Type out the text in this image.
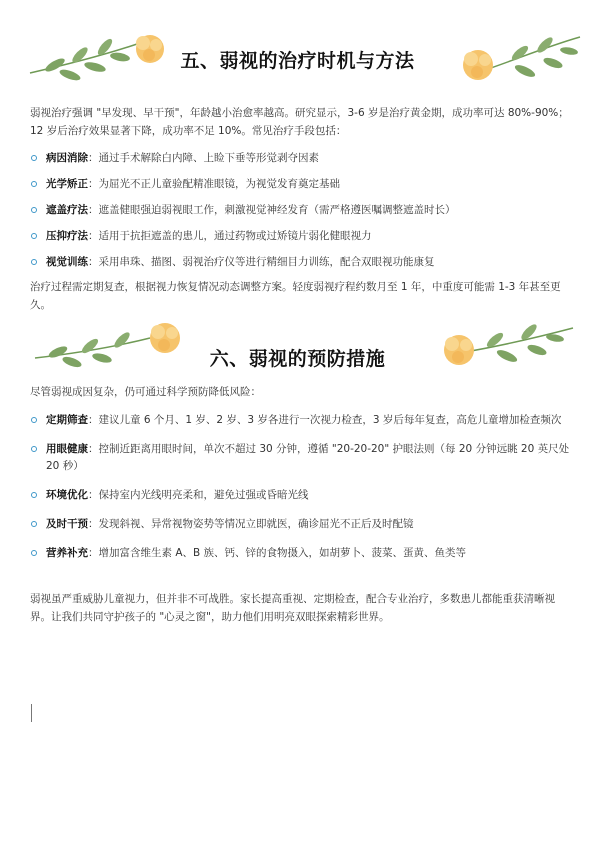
五、弱视的治疗时机与方法
弱视治疗强调 "早发现、早干预"，年龄越小治愈率越高。研究显示，3-6 岁是治疗黄金期，成功率可达 80%-90%；12 岁后治疗效果显著下降，成功率不足 10%。常见治疗手段包括：
病因消除：通过手术解除白内障、上睑下垂等形觉剥夺因素
光学矫正：为屈光不正儿童验配精准眼镜，为视觉发育奠定基础
遮盖疗法：遮盖健眼强迫弱视眼工作，刺激视觉神经发育（需严格遵医嘱调整遮盖时长）
压抑疗法：适用于抗拒遮盖的患儿，通过药物或过矫镜片弱化健眼视力
视觉训练：采用串珠、描图、弱视治疗仪等进行精细目力训练，配合双眼视功能康复
治疗过程需定期复查，根据视力恢复情况动态调整方案。轻度弱视疗程约数月至 1 年，中重度可能需 1-3 年甚至更久。
六、弱视的预防措施
尽管弱视成因复杂，仍可通过科学预防降低风险：
定期筛查：建议儿童 6 个月、1 岁、2 岁、3 岁各进行一次视力检查，3 岁后每年复查，高危儿童增加检查频次
用眼健康：控制近距离用眼时间，单次不超过 30 分钟，遵循 "20-20-20" 护眼法则（每 20 分钟远眺 20 英尺处 20 秒）
环境优化：保持室内光线明亮柔和，避免过强或昏暗光线
及时干预：发现斜视、异常视物姿势等情况立即就医，确诊屈光不正后及时配镜
营养补充：增加富含维生素 A、B 族、钙、锌的食物摄入，如胡萝卜、菠菜、蛋黄、鱼类等
弱视虽严重威胁儿童视力，但并非不可战胜。家长提高重视、定期检查，配合专业治疗，多数患儿都能重获清晰视界。让我们共同守护孩子的 "心灵之窗"，助力他们用明亮双眼探索精彩世界。
